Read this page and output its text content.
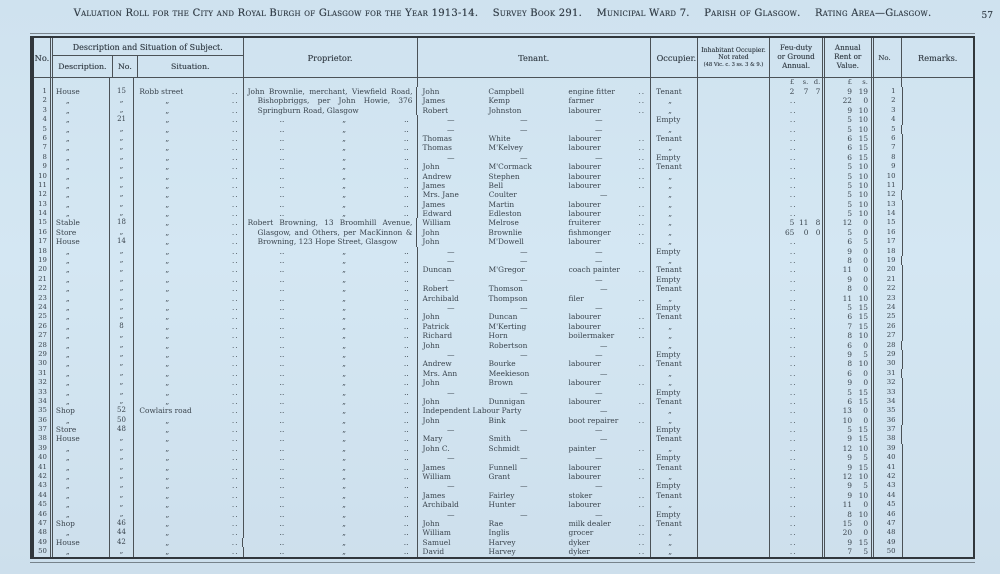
Valuation Roll for the City and Royal Burgh of Glasgow for the Year 1913-14. Survey Book 291. Municipal Ward 7. Parish of Glasgow. Rating Area—Glasgow.	57
No.
Description and Situation of Subject.
Description.	No.	Situation.
Proprietor.	Tenant.	Occupier.
Inhabitant Occupier.
Not rated
(48 Vic. c. 3 ss. 3 & 9.)
Feu-duty
or Ground
Annual.
Annual
Rent or
Value.
No.	Remarks.
£	s. d.	£	s.
1	House	15	Robb street	..	John Brownlie, merchant, Viewfield Road,	John	Campbell	engine fitter	..	Tenant	2	7 7	9 19	1
2	„	„	„	..	Bishopbriggs, per John Howie, 376	James	Kemp	farmer	..	„	..	22	0	2
3	„	„	„	..	Springburn Road, Glasgow	Robert	Johnston	labourer	..	„	..	9 10	3
4	„	21	„	..	..	„	..	—	—	—	Empty	..	5 10	4
5	„	„	„	..	..	„	..	—	—	—	„	..	5 10	5
6	„	„	„	..	..	„	..	Thomas	White	labourer	..	Tenant	..	6 15	6
7	„	„	„	..	..	„	..	Thomas	M'Kelvey	labourer	..	„	..	6 15	7
8	„	„	„	..	..	„	..	—	—	—	..	Empty	..	6 15	8
9	„	„	„	..	..	„	..	John	M'Cormack	labourer	..	Tenant	..	5 10	9
10	„	„	„	..	..	„	..	Andrew	Stephen	labourer	..	„	..	5 10	10
11	„	„	„	..	..	„	..	James	Bell	labourer	..	„	..	5 10	11
12	„	„	„	..	..	„	..	Mrs. Jane	Coulter	—	„	..	5 10	12
13	„	„	„	..	..	„	..	James	Martin	labourer	..	„	..	5 10	13
14	„	„	„	..	..	„	..	Edward	Edleston	labourer	..	„	..	5 10	14
15	Stable	18	„	..	Robert Browning, 13 Broomhill Avenue,	William	Melrose	fruiterer	..	„	5 11 8	12	0	15
16	Store	„	„	..	Glasgow, and Others, per MacKinnon &	John	Brownlie	fishmonger	..	„	65	0 0	5	0	16
17	House	14	„	..	Browning, 123 Hope Street, Glasgow	John	M'Dowell	labourer	..	„	..	6	5	17
18	„	„	„	..	..	„	..	—	—	—	Empty	..	9	0	18
19	„	„	„	..	..	„	..	—	—	—	„	..	8	0	19
20	„	„	„	..	..	„	..	Duncan	M'Gregor	coach painter	..	Tenant	..	11	0	20
21	„	„	„	..	..	„	..	—	—	—	Empty	..	9	0	21
22	„	„	„	..	..	„	..	Robert	Thomson	—	Tenant	..	8	0	22
23	„	„	„	..	..	„	..	Archibald	Thompson	filer	..	„	..	11 10	23
24	„	„	„	..	..	„	..	—	—	—	Empty	..	5 15	24
25	„	„	„	..	..	„	..	John	Duncan	labourer	..	Tenant	..	6 15	25
26	„	8	„	..	..	„	..	Patrick	M'Kerting	labourer	..	„	..	7 15	26
27	„	„	„	..	..	„	..	Richard	Horn	boilermaker	..	„	..	8 10	27
28	„	„	„	..	..	„	..	John	Robertson	—	„	..	6	0	28
29	„	„	„	..	..	„	..	—	—	—	Empty	..	9	5	29
30	„	„	„	..	..	„	..	Andrew	Bourke	labourer	..	Tenant	..	8 10	30
31	„	„	„	..	..	„	..	Mrs. Ann	Meekieson	—	„	..	6	0	31
32	„	„	„	..	..	„	..	John	Brown	labourer	..	„	..	9	0	32
33	„	„	„	..	..	„	..	—	—	—	Empty	..	5 15	33
34	„	„	„	..	..	„	..	John	Dunnigan	labourer	..	Tenant	..	6 15	34
35	Shop	52	Cowlairs road	..	..	„	..	Independent Labour Party	—	„	..	13	0	35
36	„	50	„	..	..	„	..	John	Bink	boot repairer	..	„	..	10	0	36
37	Store	48	„	..	..	„	..	—	—	—	Empty	..	5 15	37
38	House	„	„	..	..	„	..	Mary	Smith	—	Tenant	..	9 15	38
39	„	„	„	..	..	„	..	John C.	Schmidt	painter	..	„	..	12 10	39
40	„	„	„	..	..	„	..	—	—	—	Empty	..	9	5	40
41	„	„	„	..	..	„	..	James	Funnell	labourer	..	Tenant	..	9 15	41
42	„	„	„	..	..	„	..	William	Grant	labourer	..	„	..	12 10	42
43	„	„	„	..	..	„	..	—	—	—	Empty	..	9	5	43
44	„	„	„	..	..	„	..	James	Fairley	stoker	..	Tenant	..	9 10	44
45	„	„	„	..	..	„	..	Archibald	Hunter	labourer	..	„	..	11	0	45
46	„	„	„	..	..	„	..	—	—	—	Empty	..	8 10	46
47	Shop	46	„	..	..	„	..	John	Rae	milk dealer	..	Tenant	..	15	0	47
48	„	44	„	..	..	„	..	William	Inglis	grocer	..	„	..	20	0	48
49	House	42	„	..	..	„	..	Samuel	Harvey	dyker	..	„	..	9 15	49
50	„	„	„	..	..	„	..	David	Harvey	dyker	..	„	..	7	5	50
